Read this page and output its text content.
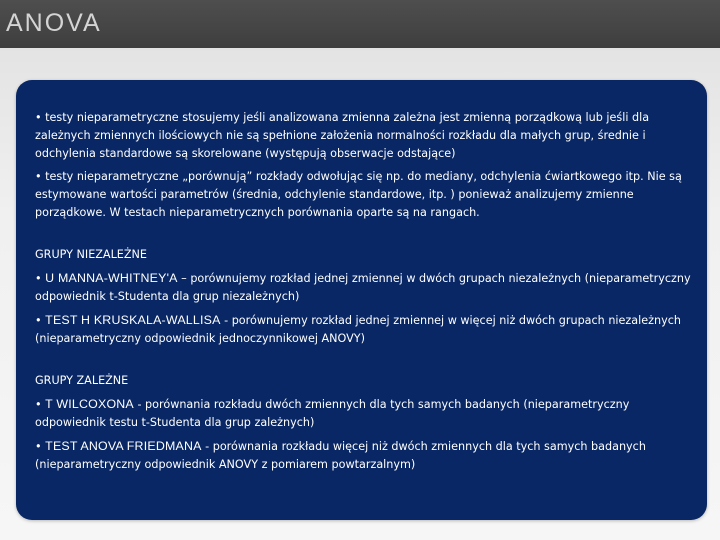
ANOVA

• testy nieparametryczne stosujemy jeśli analizowana zmienna zależna jest zmienną porządkową lub jeśli dla zależnych zmiennych ilościowych nie są spełnione założenia normalności rozkładu dla małych grup, średnie i odchylenia standardowe są skorelowane (występują obserwacje odstające)

• testy nieparametryczne „porównują” rozkłady odwołując się np. do mediany, odchylenia ćwiartkowego itp. Nie są estymowane wartości parametrów (średnia, odchylenie standardowe, itp. ) ponieważ analizujemy zmienne porządkowe. W testach nieparametrycznych porównania oparte są na rangach.

GRUPY NIEZALEŻNE

• U MANNA-WHITNEY'A – porównujemy rozkład jednej zmiennej w dwóch grupach niezależnych (nieparametryczny odpowiednik t-Studenta dla grup niezależnych)

• TEST H KRUSKALA-WALLISA - porównujemy rozkład jednej zmiennej w więcej niż dwóch grupach niezależnych (nieparametryczny odpowiednik jednoczynnikowej ANOVY)

GRUPY ZALEŻNE

• T WILCOXONA - porównania rozkładu dwóch zmiennych dla tych samych badanych (nieparametryczny odpowiednik testu t-Studenta dla grup zależnych)

• TEST ANOVA FRIEDMANA - porównania rozkładu więcej niż dwóch zmiennych dla tych samych badanych (nieparametryczny odpowiednik ANOVY z pomiarem powtarzalnym)
